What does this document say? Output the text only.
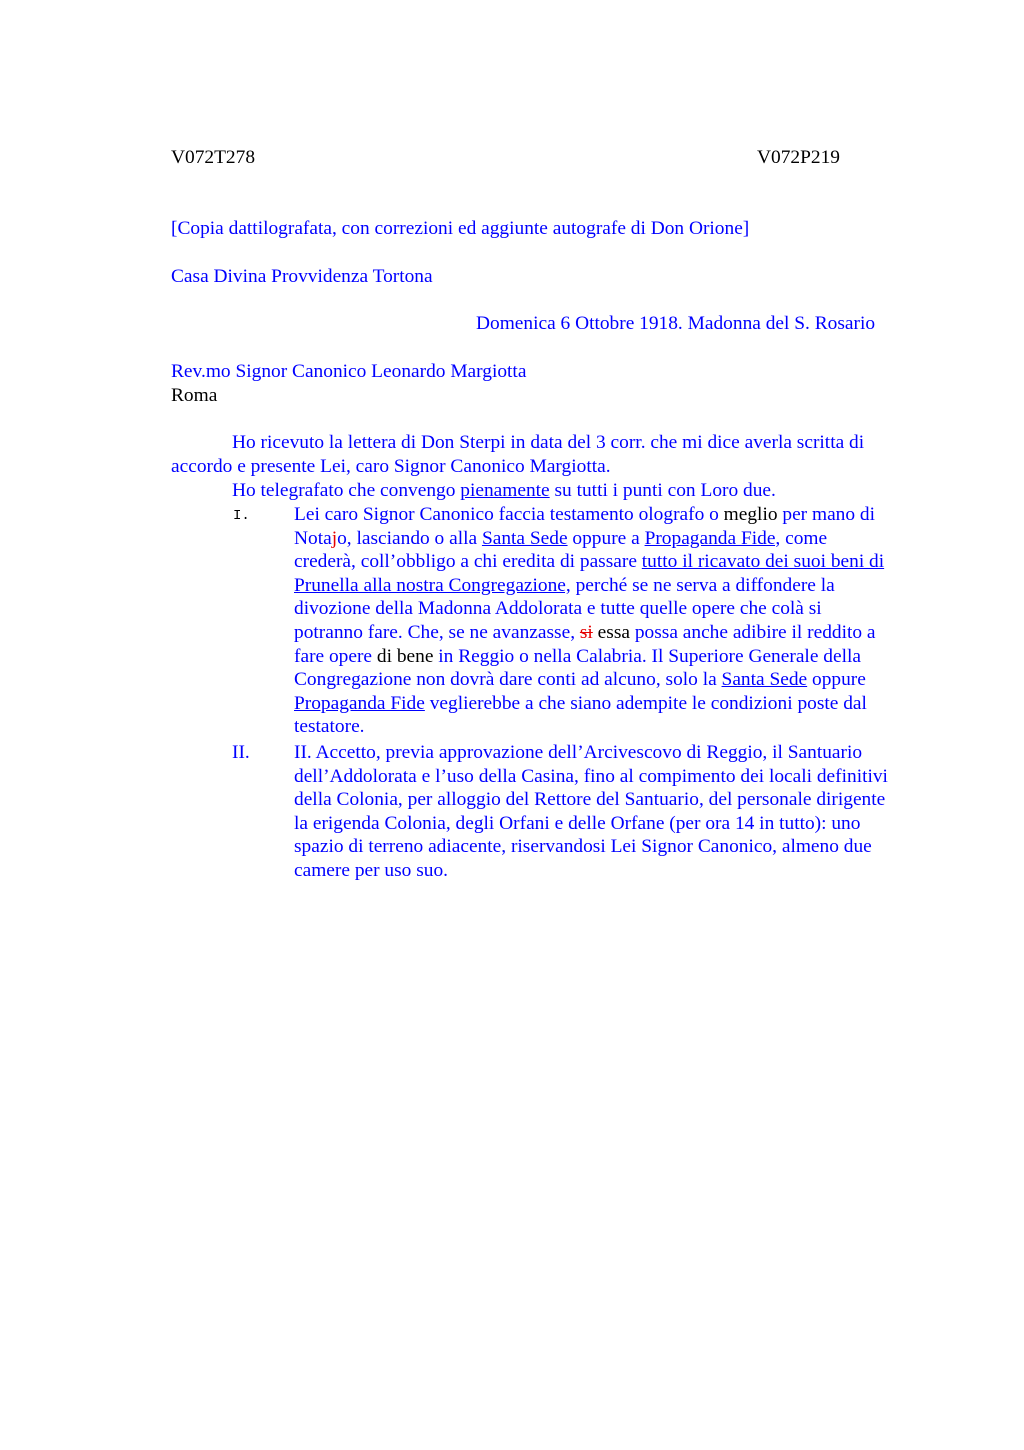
V072T278	V072P219
[Copia dattilografata, con correzioni ed aggiunte autografe di Don Orione]
Casa Divina Provvidenza Tortona
Domenica 6 Ottobre 1918. Madonna del S. Rosario
Rev.mo Signor Canonico Leonardo Margiotta
Roma
Ho ricevuto la lettera di Don Sterpi in data del 3 corr. che mi dice averla scritta di
accordo e presente Lei, caro Signor Canonico Margiotta.
Ho telegrafato che convengo pienamente su tutti i punti con Loro due.
I. Lei caro Signor Canonico faccia testamento olografo o meglio per mano di
Notajo, lasciando o alla Santa Sede oppure a Propaganda Fide, come
crederà, coll’obbligo a chi eredita di passare tutto il ricavato dei suoi beni di
Prunella alla nostra Congregazione, perché se ne serva a diffondere la
divozione della Madonna Addolorata e tutte quelle opere che colà si
potranno fare. Che, se ne avanzasse, si essa possa anche adibire il reddito a
fare opere di bene in Reggio o nella Calabria. Il Superiore Generale della
Congregazione non dovrà dare conti ad alcuno, solo la Santa Sede oppure
Propaganda Fide veglierebbe a che siano adempite le condizioni poste dal
testatore.
II. II. Accetto, previa approvazione dell’Arcivescovo di Reggio, il Santuario
dell’Addolorata e l’uso della Casina, fino al compimento dei locali definitivi
della Colonia, per alloggio del Rettore del Santuario, del personale dirigente
la erigenda Colonia, degli Orfani e delle Orfane (per ora 14 in tutto): uno
spazio di terreno adiacente, riservandosi Lei Signor Canonico, almeno due
camere per uso suo.
